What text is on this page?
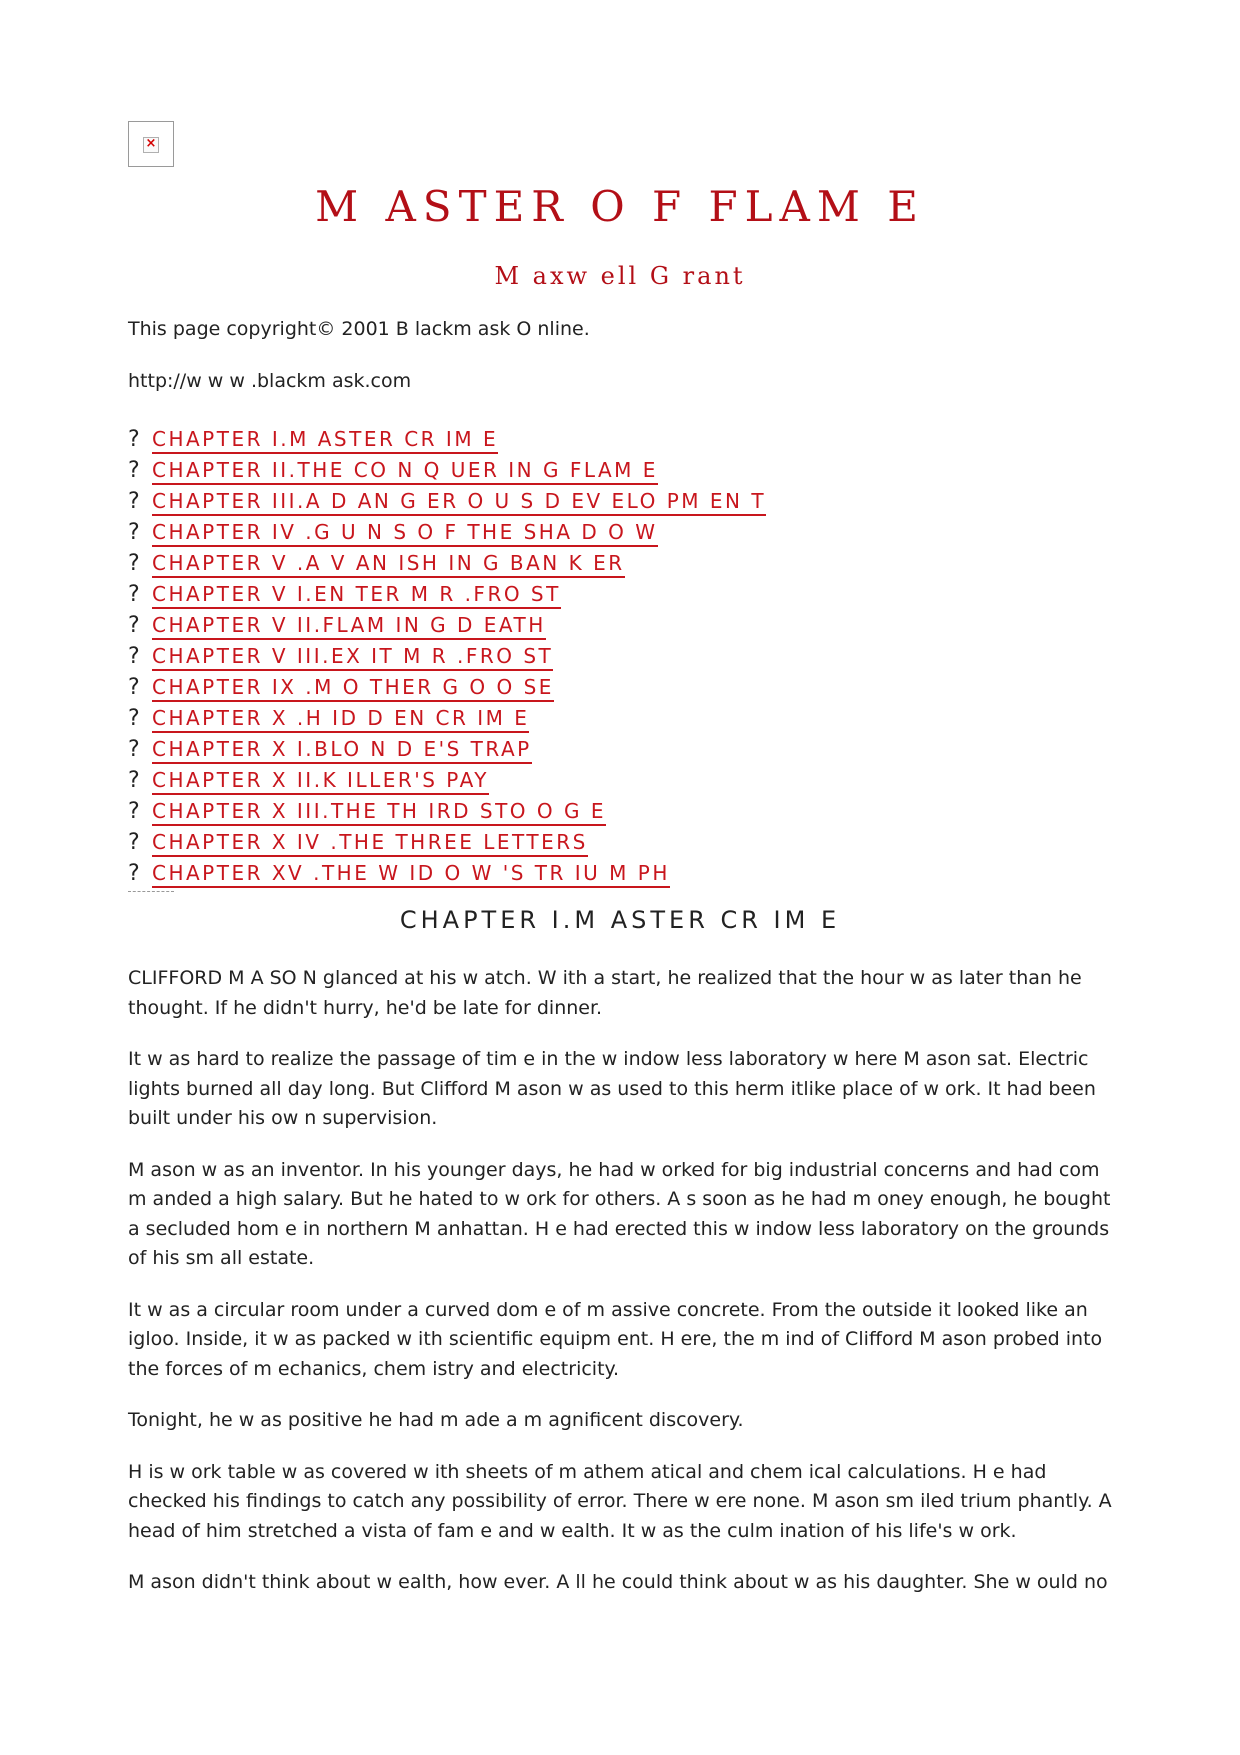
×
M ASTER O F FLAM E
M axw ell G rant
This page copyright© 2001 B lackm ask O nline.
http://w w w .blackm ask.com
? CHAPTER I.M ASTER CR IM E
? CHAPTER II.THE CO N Q UER IN G FLAM E
? CHAPTER III.A D AN G ER O U S D EV ELO PM EN T
? CHAPTER IV .G U N S O F THE SHA D O W
? CHAPTER V .A V AN ISH IN G BAN K ER
? CHAPTER V I.EN TER M R .FRO ST
? CHAPTER V II.FLAM IN G D EATH
? CHAPTER V III.EX IT M R .FRO ST
? CHAPTER IX .M O THER G O O SE
? CHAPTER X .H ID D EN CR IM E
? CHAPTER X I.BLO N D E'S TRAP
? CHAPTER X II.K ILLER'S PAY
? CHAPTER X III.THE TH IRD STO O G E
? CHAPTER X IV .THE THREE LETTERS
? CHAPTER XV .THE W ID O W 'S TR IU M PH
CHAPTER I.M ASTER CR IM E

CLIFFORD M A SO N glanced at his w atch. W ith a start, he realized that the hour w as later than he thought. If he didn't hurry, he'd be late for dinner.

It w as hard to realize the passage of tim e in the w indow less laboratory w here M ason sat. Electric lights burned all day long. But Clifford M ason w as used to this herm itlike place of w ork. It had been built under his ow n supervision.

M ason w as an inventor. In his younger days, he had w orked for big industrial concerns and had com m anded a high salary. But he hated to w ork for others. A s soon as he had m oney enough, he bought a secluded hom e in northern M anhattan. H e had erected this w indow less laboratory on the grounds of his sm all estate.

It w as a circular room under a curved dom e of m assive concrete. From the outside it looked like an igloo. Inside, it w as packed w ith scientific equipm ent. H ere, the m ind of Clifford M ason probed into the forces of m echanics, chem istry and electricity.

Tonight, he w as positive he had m ade a m agnificent discovery.

H is w ork table w as covered w ith sheets of m athem atical and chem ical calculations. H e had checked his findings to catch any possibility of error. There w ere none. M ason sm iled trium phantly. A head of him stretched a vista of fam e and w ealth. It w as the culm ination of his life's w ork.

M ason didn't think about w ealth, how ever. A ll he could think about w as his daughter. She w ould no
